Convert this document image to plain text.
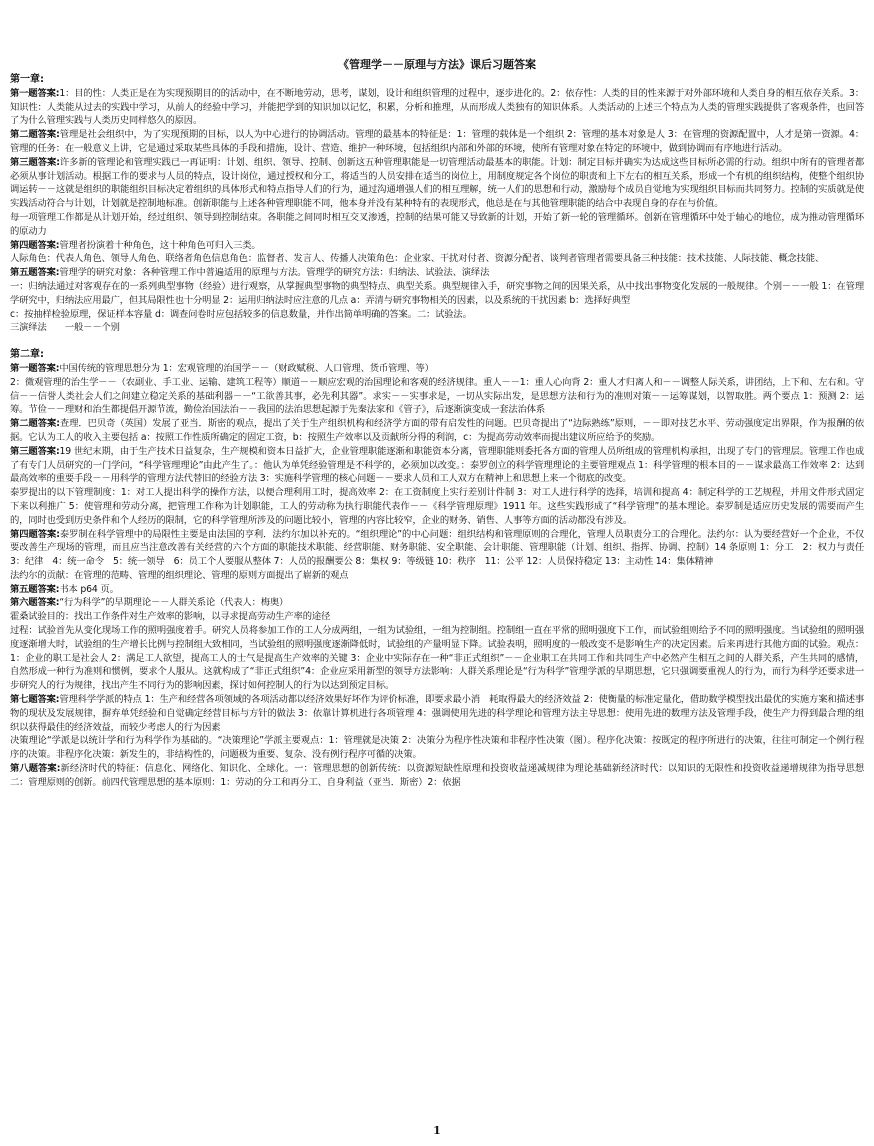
《管理学－－原理与方法》课后习题答案
第一章:
第一题答案:1：目的性：人类正是在为实现预期目的的活动中，在不断地劳动，思考，谋划，设计和组织管理的过程中，逐步进化的。2：依存性：人类的目的性来源于对外部环境和人类自身的相互依存关系。3：知识性：人类能从过去的实践中学习，从前人的经验中学习，并能把学到的知识加以记忆，积累，分析和推理，从而形成人类独有的知识体系。人类活动的上述三个特点为人类的管理实践提供了客观条件，也回答了为什么管理实践与人类历史同样悠久的原因。
第二题答案:管理是社会组织中，为了实现预期的目标，以人为中心进行的协调活动。管理的最基本的特征是：1：管理的载体是一个组织 2：管理的基本对象是人 3：在管理的资源配置中，人才是第一资源。4：管理的任务：在一般意义上讲，它是通过采取某些具体的手段和措施，设计、营造、维护一种环境，包括组织内部和外部的环境，使所有管理对象在特定的环境中，做到协调而有序地进行活动。
第三题答案:许多新的管理论和管理实践已一再证明：计划、组织、领导、控制、创新这五种管理职能是一切管理活动最基本的职能。计划：制定目标并确实为达成这些目标所必需的行动。组织中所有的管理者都必须从事计划活动。根据工作的要求与人员的特点，设计岗位，通过授权和分工，将适当的人员安排在适当的岗位上，用制度规定各个岗位的职责和上下左右的相互关系，形成一个有机的组织结构，使整个组织协调运转－－这就是组织的职能组织目标决定着组织的具体形式和特点指导人们的行为，通过沟通增强人们的相互理解，统一人们的思想和行动，激励每个成员自觉地为实现组织目标而共同努力。控制的实质就是使实践活动符合与计划，计划就是控制地标准。创新职能与上述各种管理职能不同，他本身并没有某种特有的表现形式，他总是在与其他管理职能的结合中表现自身的存在与价值。
每一项管理工作都是从计划开始，经过组织、领导到控制结束。各职能之间同时相互交叉渗透，控制的结果可能又导致新的计划，开始了新一轮的管理循环。创新在管理循环中处于轴心的地位，成为推动管理循环的原动力
第四题答案:管理者扮演着十种角色，这十种角色可归入三类。
人际角色：代表人角色、领导人角色、联络者角色信息角色：监督者、发言人、传播人决策角色：企业家、干扰对付者、资源分配者、谈判者管理者需要具备三种技能：技术技能、人际技能、概念技能、
第五题答案:管理学的研究对象：各种管理工作中普遍适用的原理与方法。管理学的研究方法：归纳法、试验法、演绎法
一：归纳法通过对客观存在的一系列典型事物（经验）进行观察，从掌握典型事物的典型特点、典型关系。典型规律入手，研究事物之间的因果关系，从中找出事物变化发展的一般规律。个别－－一般 1：在管理学研究中，归纳法应用最广，但其局限性也十分明显 2：运用归纳法时应注意的几点 a：弄清与研究事物相关的因素，以及系统的干扰因素 b：选择好典型
c：按抽样检验原理，保证样本容量 d：调查问卷时应包括较多的信息数量，并作出简单明确的答案。二：试验法。
三演绎法　　一般－－个别
第二章:
第一题答案:中国传统的管理思想分为 1：宏观管理的治国学－－（财政赋税、人口管理、货币管理、等）
2：微观管理的治生学－－（农副业、手工业、运输、建筑工程等）顺道－－顺应宏观的治国理论和客观的经济规律。重人－－1：重人心向背 2：重人才归离人和－－调整人际关系，讲团结，上下和、左右和。守信－－信誉人类社会人们之间建立稳定关系的基础利器－－“工欲善其事，必先利其器”。求实－－实事求是，一切从实际出发，是思想方法和行为的准则对策－－运筹谋划，以智取胜。两个要点 1：预测 2：运筹。节俭－－理财和治生都提倡开源节流，勤俭治国法治－－我国的法治思想起源于先秦法家和《管子》，后逐渐演变成一套法治体系
第二题答案:查理．巴贝奇（英国）发展了亚当．斯密的观点，提出了关于生产组织机构和经济学方面的带有启发性的问题。巴贝奇提出了“边际熟练”原则，－－即对技艺水平、劳动强度定出界限，作为报酬的依据。它认为工人的收入主要包括 a：按照工作性质所确定的固定工资，b：按照生产效率以及贡献所分得的利润，c：为提高劳动效率而提出建议所应给予的奖励。
第三题答案:19 世纪末期，由于生产技术日益复杂，生产规模和资本日益扩大，企业管理职能逐渐和职能资本分离，管理职能则委托各方面的管理人员所组成的管理机构承担，出现了专门的管理层。管理工作也成了有专门人员研究的一门学问，“科学管理理论”由此产生了。：他认为单凭经验管理是不科学的，必须加以改变。：泰罗创立的科学管理理论的主要管理观点 1：科学管理的根本目的－－谋求最高工作效率 2：达到最高效率的重要手段－－用科学的管理方法代替旧的经验方法 3：实施科学管理的核心问题－－要求人员和工人双方在精神上和思想上来一个彻底的改变。
泰罗提出的以下管理制度：1：对工人提出科学的操作方法，以便合理利用工时，提高效率 2：在工资制度上实行差别计件制 3：对工人进行科学的选择，培训和提高 4：制定科学的工艺规程，并用文件形式固定下来以利推广 5：使管理和劳动分离，把管理工作称为计划职能，工人的劳动称为执行职能代表作－－《科学管理原理》1911 年。这些实践形成了“科学管理”的基本理论。泰罗制是适应历史发展的需要而产生的，同时也受到历史条件和个人经历的限制，它的科学管理所涉及的问题比较小，管理的内容比较窄，企业的财务、销售、人事等方面的活动都没有涉及。
第四题答案:泰罗制在科学管理中的局限性主要是由法国的亨利．法约尔加以补充的。“组织理论”的中心问题：组织结构和管理原则的合理化，管理人员职责分工的合理化。法约尔：认为要经营好一个企业，不仅要改善生产现场的管理，而且应当注意改善有关经营的六个方面的职能技术职能、经营职能、财务职能、安全职能、会计职能、管理职能（计划、组织、指挥、协调、控制）14 条原则 1：分工　2：权力与责任　3：纪律　4：统一命令　5：统一领导　6：员工个人要服从整体 7：人员的报酬要公 8：集权 9：等级链 10：秩序　11：公平 12：人员保持稳定 13：主动性 14：集体精神
法约尔的贡献：在管理的范畴、管理的组织理论、管理的原则方面提出了崭新的观点
第五题答案:书本 p64 页。
第六题答案:“行为科学”的早期理论－－人群关系论（代表人：梅奥）
霍桑试验目的：找出工作条件对生产效率的影响，以寻求提高劳动生产率的途径
过程：试验首先从变化现场工作的照明强度着手。研究人员将参加工作的工人分成两组，一组为试验组，一组为控制组。控制组一直在平常的照明强度下工作，而试验组则给予不同的照明强度。当试验组的照明强度逐渐增大时，试验组的生产增长比例与控制组大致相同，当试验组的照明强度逐渐降低时，试验组的产量明显下降。试验表明，照明度的一般改变不是影响生产的决定因素。后来再进行其他方面的试验。观点：1：企业的职工是社会人 2：满足工人欲望，提高工人的士气是提高生产效率的关键 3：企业中实际存在一种“非正式组织”－－企业职工在共同工作和共同生产中必然产生相互之间的人群关系，产生共同的感情，自然形成一种行为准则和惯例，要求个人服从。这就构成了“非正式组织”4：企业应采用新型的领导方法影响：人群关系理论是“行为科学”管理学派的早期思想，它只强调要重视人的行为，而行为科学还要求进一步研究人的行为规律，找出产生不同行为的影响因素，探讨如何控制人的行为以达到预定目标。
第七题答案:管理科学学派的特点 1：生产和经营各项领域的各项活动都以经济效果好坏作为评价标准，即要求最小消　耗取得最大的经济效益 2：使衡量的标准定量化，借助数学模型找出最优的实施方案和描述事物的现状及发展规律，摒弃单凭经验和自觉确定经营目标与方针的做法 3：依靠计算机进行各项管理 4：强调使用先进的科学理论和管理方法主导思想：使用先进的数理方法及管理手段，使生产力得到最合理的组织以获得最佳的经济效益，而较少考虑人的行为因素
决策理论“学派是以统计学和行为科学作为基础的。“决策理论”学派主要观点：1：管理就是决策 2：决策分为程序性决策和非程序性决策（图）。程序化决策：按既定的程序所进行的决策，往往可制定一个例行程序的决策。非程序化决策：新发生的，非结构性的，问题极为重要、复杂、没有例行程序可循的决策。
第八题答案:新经济时代的特征：信息化、网络化、知识化、全球化。一：管理思想的创新传统：以资源短缺性原理和投资收益递减规律为理论基础新经济时代：以知识的无限性和投资收益递增规律为指导思想二：管理原则的创新。前四代管理思想的基本原则：1：劳动的分工和再分工、自身利益（亚当．斯密）2：依据
1
